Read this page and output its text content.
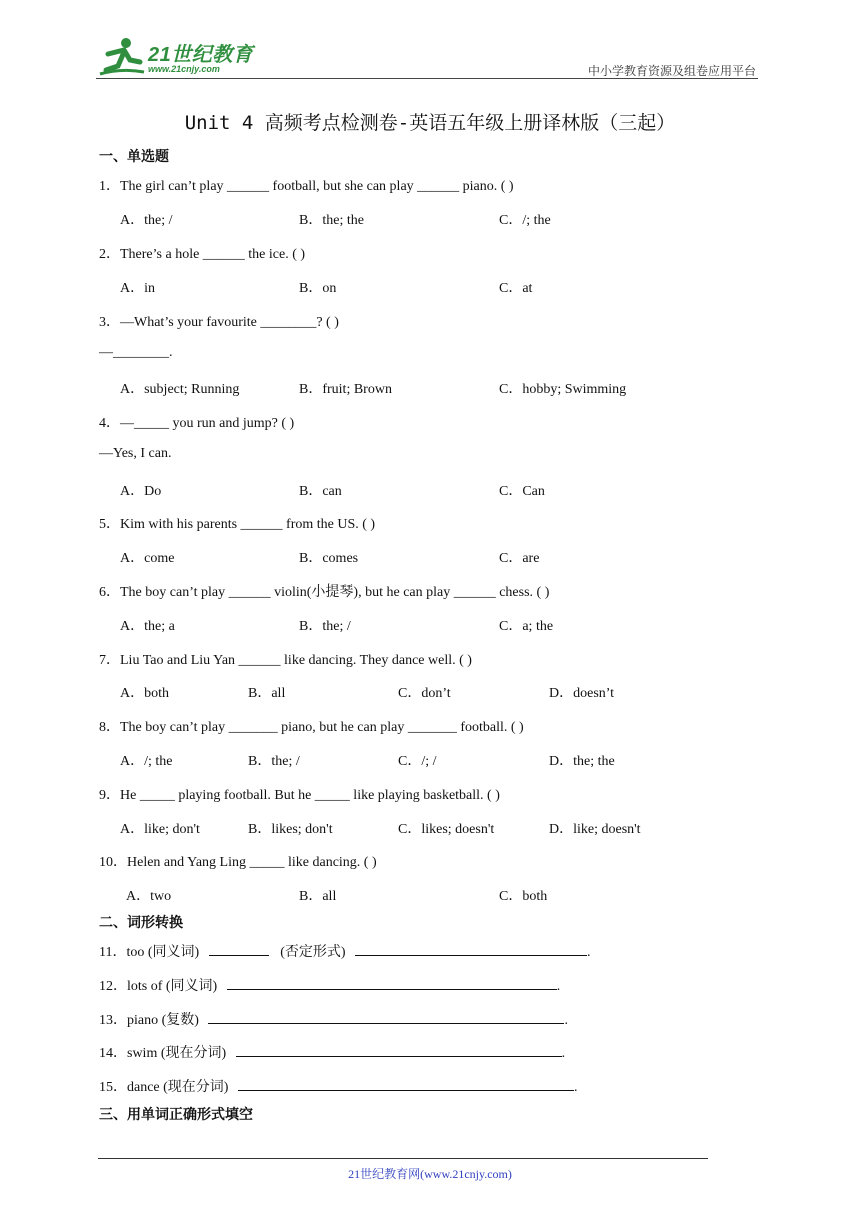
21世纪教育
www.21cnjy.com	中小学教育资源及组卷应用平台
Unit 4 高频考点检测卷-英语五年级上册译林版（三起）
一、单选题
1．The girl can’t play ______ football, but she can play ______ piano. ( )
A．the; /	B．the; the	C．/; the
2．There’s a hole ______ the ice. ( )
A．in	B．on	C．at
3．—What’s your favourite ________? ( )
—________.
A．subject; Running	B．fruit; Brown	C．hobby; Swimming
4．—_____ you run and jump? ( )
—Yes, I can.
A．Do	B．can	C．Can
5．Kim with his parents ______ from the US. ( )
A．come	B．comes	C．are
6．The boy can’t play ______ violin(小提琴), but he can play ______ chess. ( )
A．the; a	B．the; /	C．a; the
7．Liu Tao and Liu Yan ______ like dancing. They dance well. ( )
A．both	B．all	C．don’t	D．doesn’t
8．The boy can’t play _______ piano, but he can play _______ football. ( )
A．/; the	B．the; /	C．/; /	D．the; the
9．He _____ playing football. But he _____ like playing basketball. ( )
A．like; don't	B．likes; don't	C．likes; doesn't	D．like; doesn't
10．Helen and Yang Ling _____ like dancing. ( )
A．two	B．all	C．both
二、词形转换
11．too (同义词)	(否定形式)	.
12．lots of (同义词)	.
13．piano (复数)	.
14．swim (现在分词)	.
15．dance (现在分词)	.
三、用单词正确形式填空
21世纪教育网(www.21cnjy.com)
